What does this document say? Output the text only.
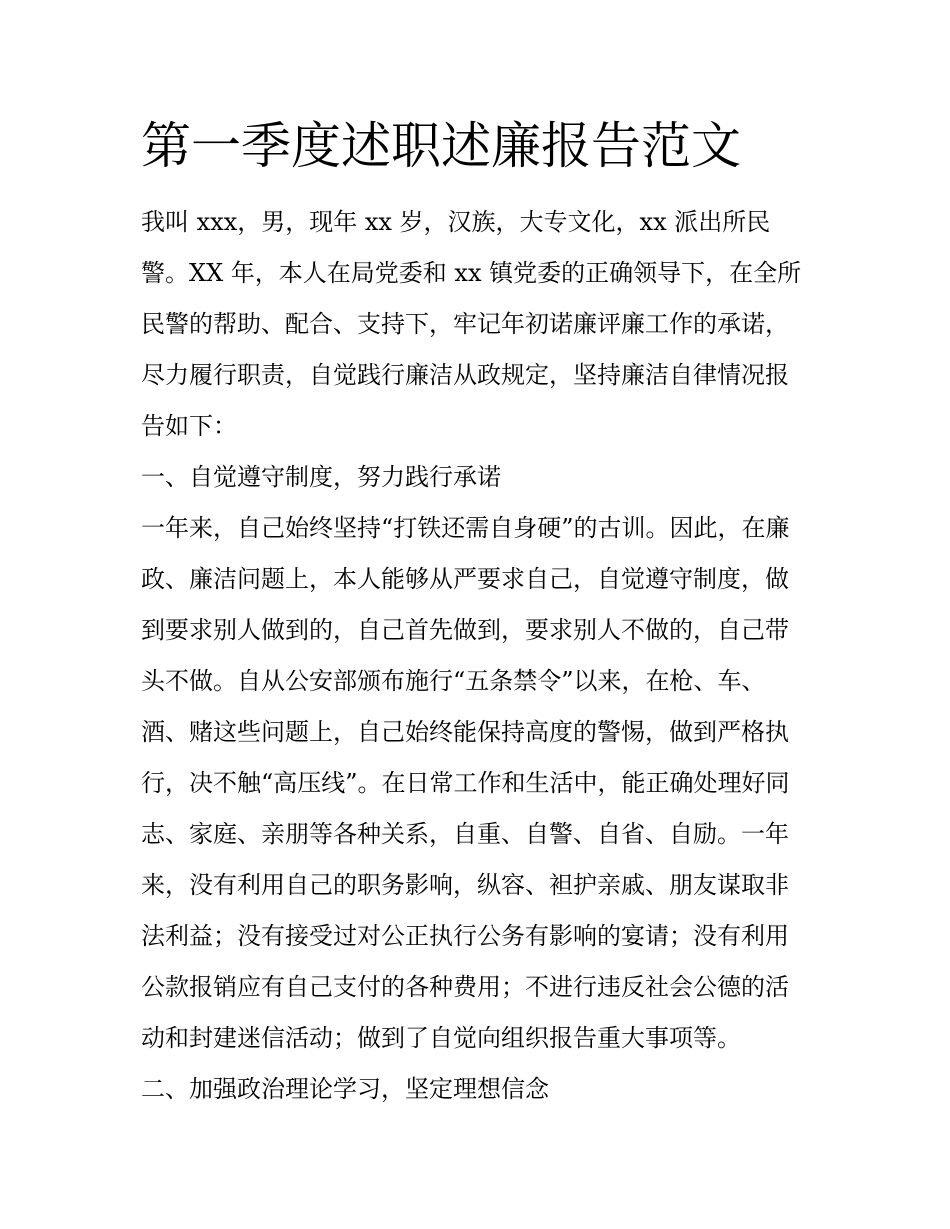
第一季度述职述廉报告范文

我叫 xxx，男，现年 xx 岁，汉族，大专文化，xx 派出所民

警。XX 年，本人在局党委和 xx 镇党委的正确领导下，在全所

民警的帮助、配合、支持下，牢记年初诺廉评廉工作的承诺，

尽力履行职责，自觉践行廉洁从政规定，坚持廉洁自律情况报

告如下：

一、自觉遵守制度，努力践行承诺

一年来，自己始终坚持“打铁还需自身硬”的古训。因此，在廉

政、廉洁问题上，本人能够从严要求自己，自觉遵守制度，做

到要求别人做到的，自己首先做到，要求别人不做的，自己带

头不做。自从公安部颁布施行“五条禁令”以来，在枪、车、

酒、赌这些问题上，自己始终能保持高度的警惕，做到严格执

行，决不触“高压线”。在日常工作和生活中，能正确处理好同

志、家庭、亲朋等各种关系，自重、自警、自省、自励。一年

来，没有利用自己的职务影响，纵容、袒护亲戚、朋友谋取非

法利益；没有接受过对公正执行公务有影响的宴请；没有利用

公款报销应有自己支付的各种费用；不进行违反社会公德的活

动和封建迷信活动；做到了自觉向组织报告重大事项等。

二、加强政治理论学习，坚定理想信念
